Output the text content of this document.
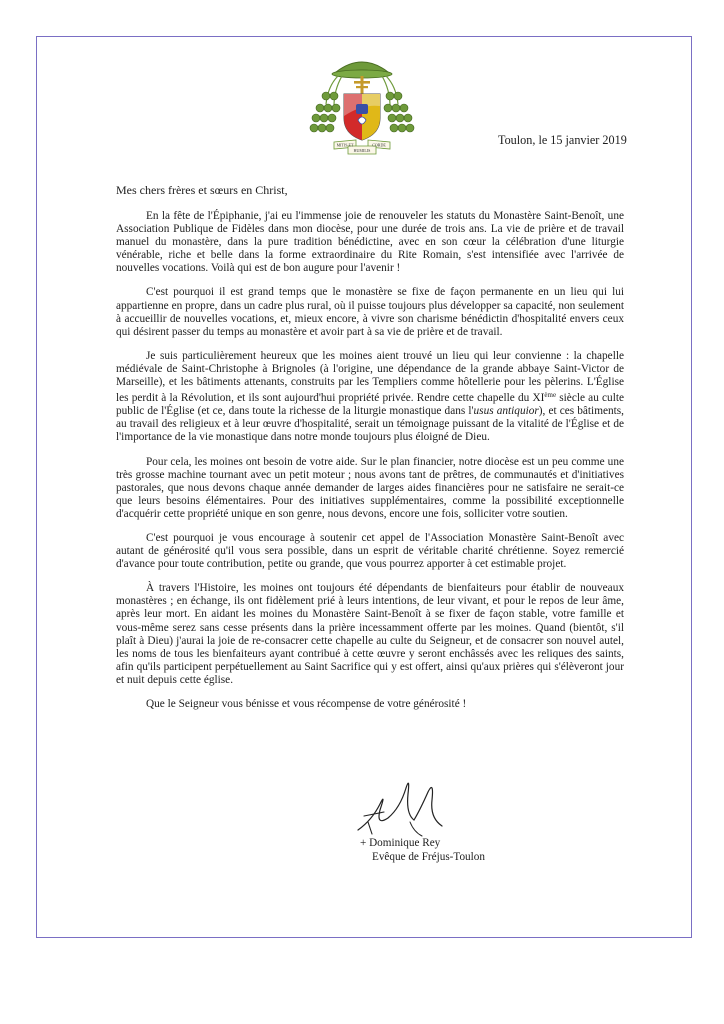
MITIS ET
HUMILIS
CORDE	Toulon, le 15 janvier 2019
Mes chers frères et sœurs en Christ,

En la fête de l'Épiphanie, j'ai eu l'immense joie de renouveler les statuts du Monastère Saint-Benoît, une Association Publique de Fidèles dans mon diocèse, pour une durée de trois ans. La vie de prière et de travail manuel du monastère, dans la pure tradition bénédictine, avec en son cœur la célébration d'une liturgie vénérable, riche et belle dans la forme extraordinaire du Rite Romain, s'est intensifiée avec l'arrivée de nouvelles vocations. Voilà qui est de bon augure pour l'avenir !

C'est pourquoi il est grand temps que le monastère se fixe de façon permanente en un lieu qui lui appartienne en propre, dans un cadre plus rural, où il puisse toujours plus développer sa capacité, non seulement à accueillir de nouvelles vocations, et, mieux encore, à vivre son charisme bénédictin d'hospitalité envers ceux qui désirent passer du temps au monastère et avoir part à sa vie de prière et de travail.

Je suis particulièrement heureux que les moines aient trouvé un lieu qui leur convienne : la chapelle médiévale de Saint-Christophe à Brignoles (à l'origine, une dépendance de la grande abbaye Saint-Victor de Marseille), et les bâtiments attenants, construits par les Templiers comme hôtellerie pour les pèlerins. L'Église les perdit à la Révolution, et ils sont aujourd'hui propriété privée. Rendre cette chapelle du XIème siècle au culte public de l'Église (et ce, dans toute la richesse de la liturgie monastique dans l'usus antiquior), et ces bâtiments, au travail des religieux et à leur œuvre d'hospitalité, serait un témoignage puissant de la vitalité de l'Église et de l'importance de la vie monastique dans notre monde toujours plus éloigné de Dieu.

Pour cela, les moines ont besoin de votre aide. Sur le plan financier, notre diocèse est un peu comme une très grosse machine tournant avec un petit moteur ; nous avons tant de prêtres, de communautés et d'initiatives pastorales, que nous devons chaque année demander de larges aides financières pour ne satisfaire ne serait-ce que leurs besoins élémentaires. Pour des initiatives supplémentaires, comme la possibilité exceptionnelle d'acquérir cette propriété unique en son genre, nous devons, encore une fois, solliciter votre soutien.

C'est pourquoi je vous encourage à soutenir cet appel de l'Association Monastère Saint-Benoît avec autant de générosité qu'il vous sera possible, dans un esprit de véritable charité chrétienne. Soyez remercié d'avance pour toute contribution, petite ou grande, que vous pourrez apporter à cet estimable projet.

À travers l'Histoire, les moines ont toujours été dépendants de bienfaiteurs pour établir de nouveaux monastères ; en échange, ils ont fidèlement prié à leurs intentions, de leur vivant, et pour le repos de leur âme, après leur mort. En aidant les moines du Monastère Saint-Benoît à se fixer de façon stable, votre famille et vous-même serez sans cesse présents dans la prière incessamment offerte par les moines. Quand (bientôt, s'il plaît à Dieu) j'aurai la joie de re-consacrer cette chapelle au culte du Seigneur, et de consacrer son nouvel autel, les noms de tous les bienfaiteurs ayant contribué à cette œuvre y seront enchâssés avec les reliques des saints, afin qu'ils participent perpétuellement au Saint Sacrifice qui y est offert, ainsi qu'aux prières qui s'élèveront jour et nuit depuis cette église.

Que le Seigneur vous bénisse et vous récompense de votre générosité !

+ Dominique Rey
Evêque de Fréjus-Toulon
